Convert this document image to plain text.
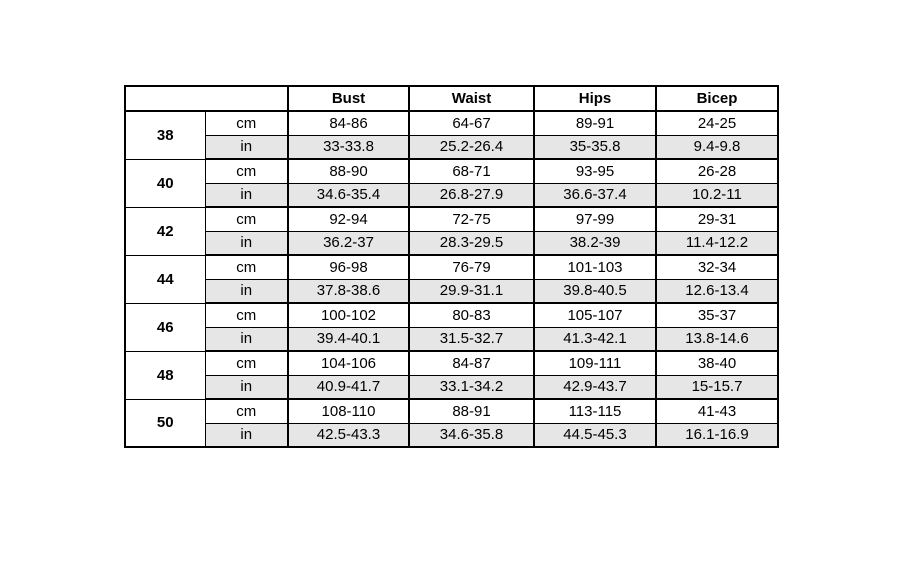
		Bust	Waist	Hips	Bicep
38	cm	84-86	64-67	89-91	24-25
	in	33-33.8	25.2-26.4	35-35.8	9.4-9.8
40	cm	88-90	68-71	93-95	26-28
	in	34.6-35.4	26.8-27.9	36.6-37.4	10.2-11
42	cm	92-94	72-75	97-99	29-31
	in	36.2-37	28.3-29.5	38.2-39	11.4-12.2
44	cm	96-98	76-79	101-103	32-34
	in	37.8-38.6	29.9-31.1	39.8-40.5	12.6-13.4
46	cm	100-102	80-83	105-107	35-37
	in	39.4-40.1	31.5-32.7	41.3-42.1	13.8-14.6
48	cm	104-106	84-87	109-111	38-40
	in	40.9-41.7	33.1-34.2	42.9-43.7	15-15.7
50	cm	108-110	88-91	113-115	41-43
	in	42.5-43.3	34.6-35.8	44.5-45.3	16.1-16.9
